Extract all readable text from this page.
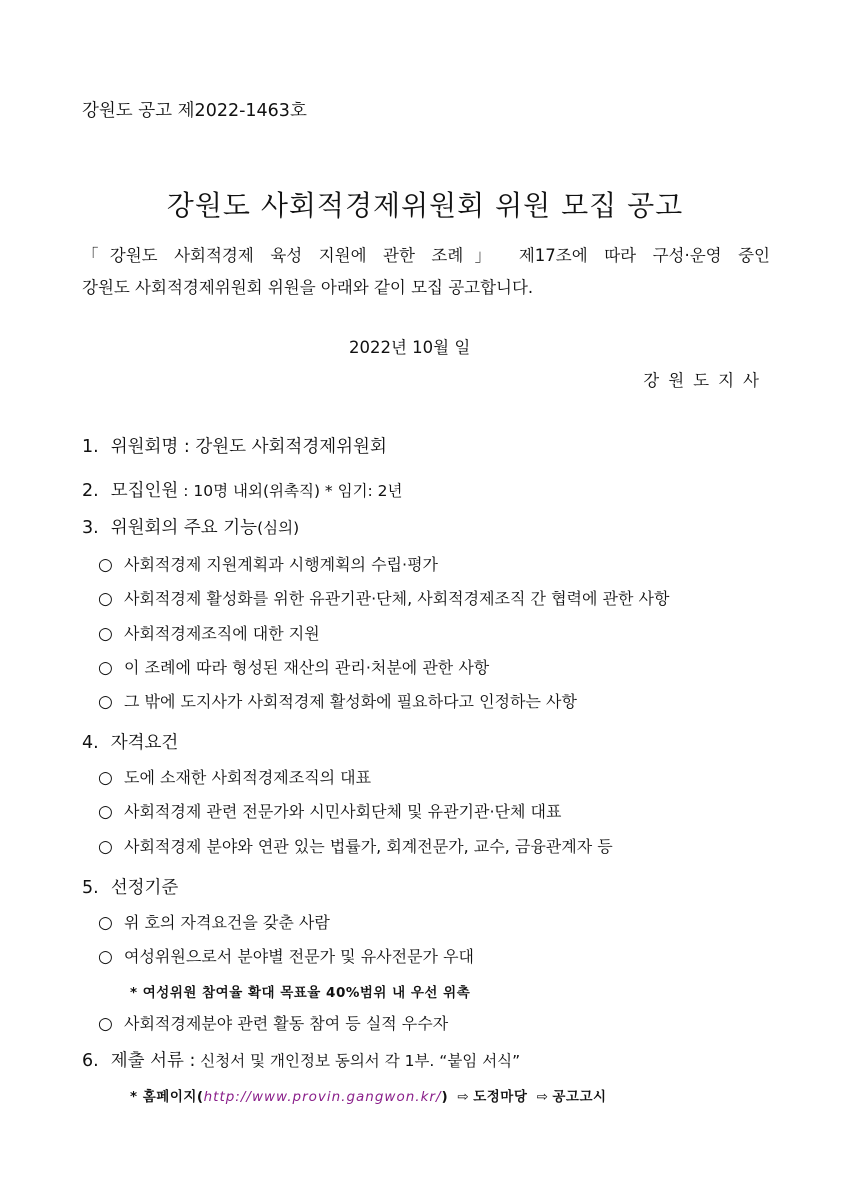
강원도 공고 제2022-1463호
강원도 사회적경제위원회 위원 모집 공고
「강원도 사회적경제 육성 지원에 관한 조례」 제17조에 따라 구성·운영 중인
강원도 사회적경제위원회 위원을 아래와 같이 모집 공고합니다.
2022년 10월 일
강원도지사
1. 위원회명 : 강원도 사회적경제위원회
2. 모집인원 : 10명 내외(위촉직) * 임기: 2년
3. 위원회의 주요 기능(심의)
○ 사회적경제 지원계획과 시행계획의 수립·평가
○ 사회적경제 활성화를 위한 유관기관·단체, 사회적경제조직 간 협력에 관한 사항
○ 사회적경제조직에 대한 지원
○ 이 조례에 따라 형성된 재산의 관리·처분에 관한 사항
○ 그 밖에 도지사가 사회적경제 활성화에 필요하다고 인정하는 사항
4. 자격요건
○ 도에 소재한 사회적경제조직의 대표
○ 사회적경제 관련 전문가와 시민사회단체 및 유관기관·단체 대표
○ 사회적경제 분야와 연관 있는 법률가, 회계전문가, 교수, 금융관계자 등
5. 선정기준
○ 위 호의 자격요건을 갖춘 사람
○ 여성위원으로서 분야별 전문가 및 유사전문가 우대
* 여성위원 참여율 확대 목표율 40%범위 내 우선 위촉
○ 사회적경제분야 관련 활동 참여 등 실적 우수자
6. 제출 서류 : 신청서 및 개인정보 동의서 각 1부. “붙임 서식”
* 홈페이지(http://www.provin.gangwon.kr/) ⇨ 도정마당 ⇨ 공고고시
